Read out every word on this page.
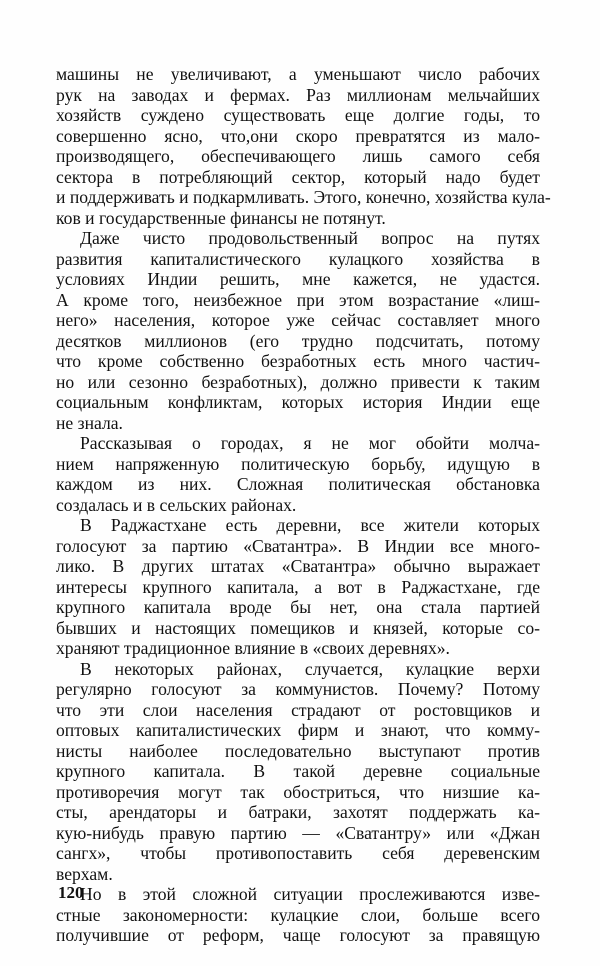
машины не увеличивают, а уменьшают число рабочих
рук на заводах и фермах. Раз миллионам мельчайших
хозяйств суждено существовать еще долгие годы, то
совершенно ясно, что,они скоро превратятся из мало-
производящего, обеспечивающего лишь самого себя
сектора в потребляющий сектор, который надо будет
и поддерживать и подкармливать. Этого, конечно, хозяйства кула-
ков и государственные финансы не потянут.
Даже чисто продовольственный вопрос на путях
развития капиталистического кулацкого хозяйства в
условиях Индии решить, мне кажется, не удастся.
А кроме того, неизбежное при этом возрастание «лиш-
него» населения, которое уже сейчас составляет много
десятков миллионов (его трудно подсчитать, потому
что кроме собственно безработных есть много частич-
но или сезонно безработных), должно привести к таким
социальным конфликтам, которых история Индии еще
не знала.
Рассказывая о городах, я не мог обойти молча-
нием напряженную политическую борьбу, идущую в
каждом из них. Сложная политическая обстановка
создалась и в сельских районах.
В Раджастхане есть деревни, все жители которых
голосуют за партию «Сватантра». В Индии все много-
лико. В других штатах «Сватантра» обычно выражает
интересы крупного капитала, а вот в Раджастхане, где
крупного капитала вроде бы нет, она стала партией
бывших и настоящих помещиков и князей, которые со-
храняют традиционное влияние в «своих деревнях».
В некоторых районах, случается, кулацкие верхи
регулярно голосуют за коммунистов. Почему? Потому
что эти слои населения страдают от ростовщиков и
оптовых капиталистических фирм и знают, что комму-
нисты наиболее последовательно выступают против
крупного капитала. В такой деревне социальные
противоречия могут так обостриться, что низшие ка-
сты, арендаторы и батраки, захотят поддержать ка-
кую-нибудь правую партию — «Сватантру» или «Джан
сангх», чтобы противопоставить себя деревенским
верхам.
Но в этой сложной ситуации прослеживаются изве-
стные закономерности: кулацкие слои, больше всего
получившие от реформ, чаще голосуют за правящую
120
